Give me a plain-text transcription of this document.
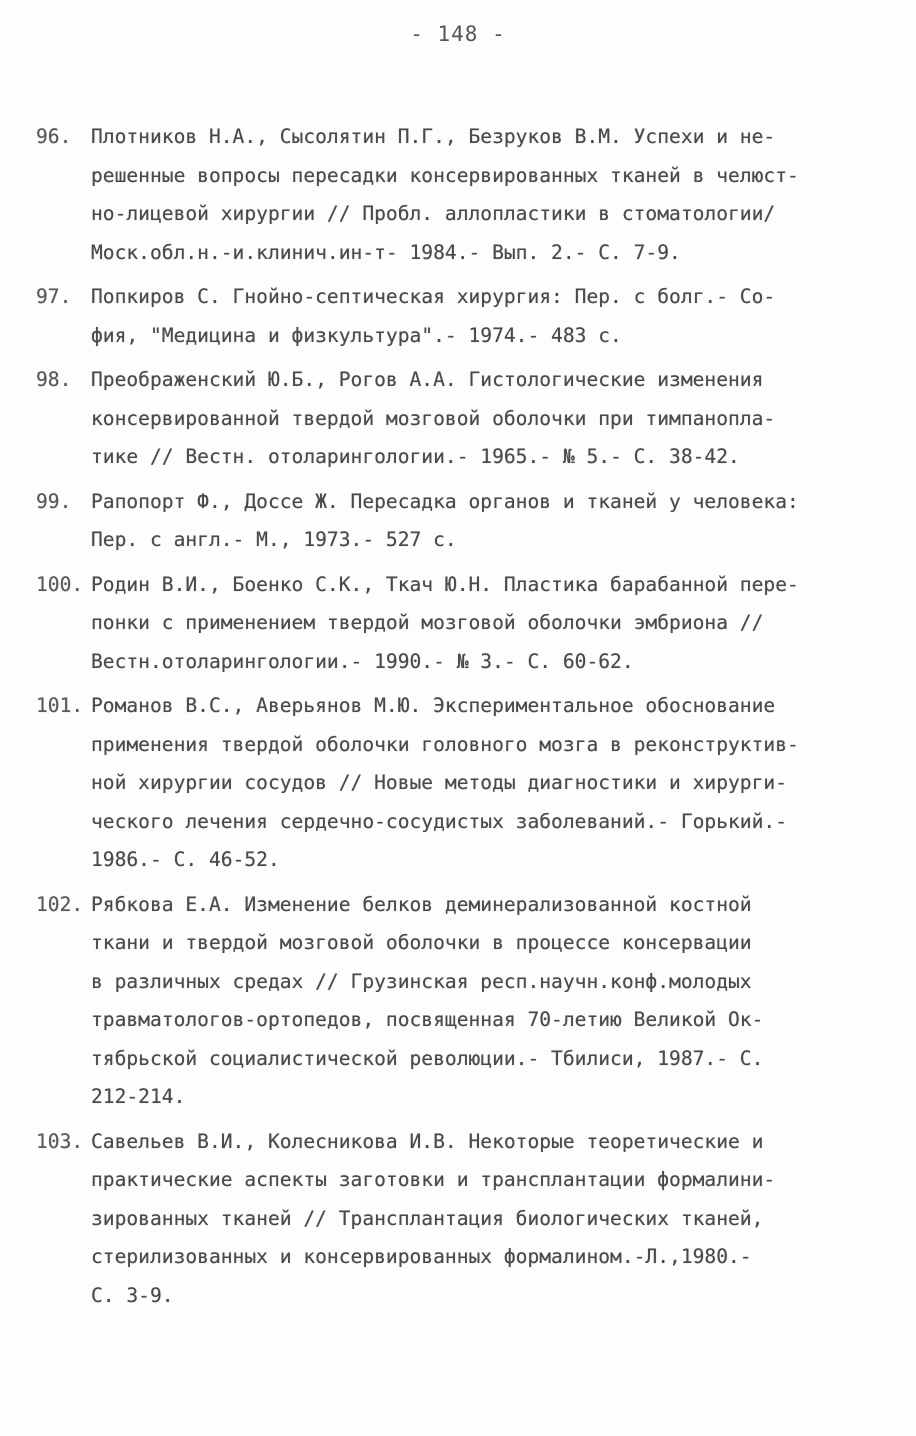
- 148 -
96. Плотников Н.А., Сысолятин П.Г., Безруков В.М. Успехи и не-
решенные вопросы пересадки консервированных тканей в челюст-
но-лицевой хирургии // Пробл. аллопластики в стоматологии/
Моск.обл.н.-и.клинич.ин-т- 1984.- Вып. 2.- С. 7-9.
97. Попкиров С. Гнойно-септическая хирургия: Пер. с болг.- Со-
фия, "Медицина и физкультура".- 1974.- 483 с.
98. Преображенский Ю.Б., Рогов А.А. Гистологические изменения
консервированной твердой мозговой оболочки при тимпанопла-
тике // Вестн. отоларингологии.- 1965.- № 5.- С. 38-42.
99. Рапопорт Ф., Доссе Ж. Пересадка органов и тканей у человека:
Пер. с англ.- М., 1973.- 527 с.
100. Родин В.И., Боенко С.К., Ткач Ю.Н. Пластика барабанной пере-
понки с применением твердой мозговой оболочки эмбриона //
Вестн.отоларингологии.- 1990.- № 3.- С. 60-62.
101. Романов В.С., Аверьянов М.Ю. Экспериментальное обоснование
применения твердой оболочки головного мозга в реконструктив-
ной хирургии сосудов // Новые методы диагностики и хирурги-
ческого лечения сердечно-сосудистых заболеваний.- Горький.-
1986.- С. 46-52.
102. Рябкова Е.А. Изменение белков деминерализованной костной
ткани и твердой мозговой оболочки в процессе консервации
в различных средах // Грузинская респ.научн.конф.молодых
травматологов-ортопедов, посвященная 70-летию Великой Ок-
тябрьской социалистической революции.- Тбилиси, 1987.- С.
212-214.
103. Савельев В.И., Колесникова И.В. Некоторые теоретические и
практические аспекты заготовки и трансплантации формалини-
зированных тканей // Трансплантация биологических тканей,
стерилизованных и консервированных формалином.-Л.,1980.-
С. 3-9.
